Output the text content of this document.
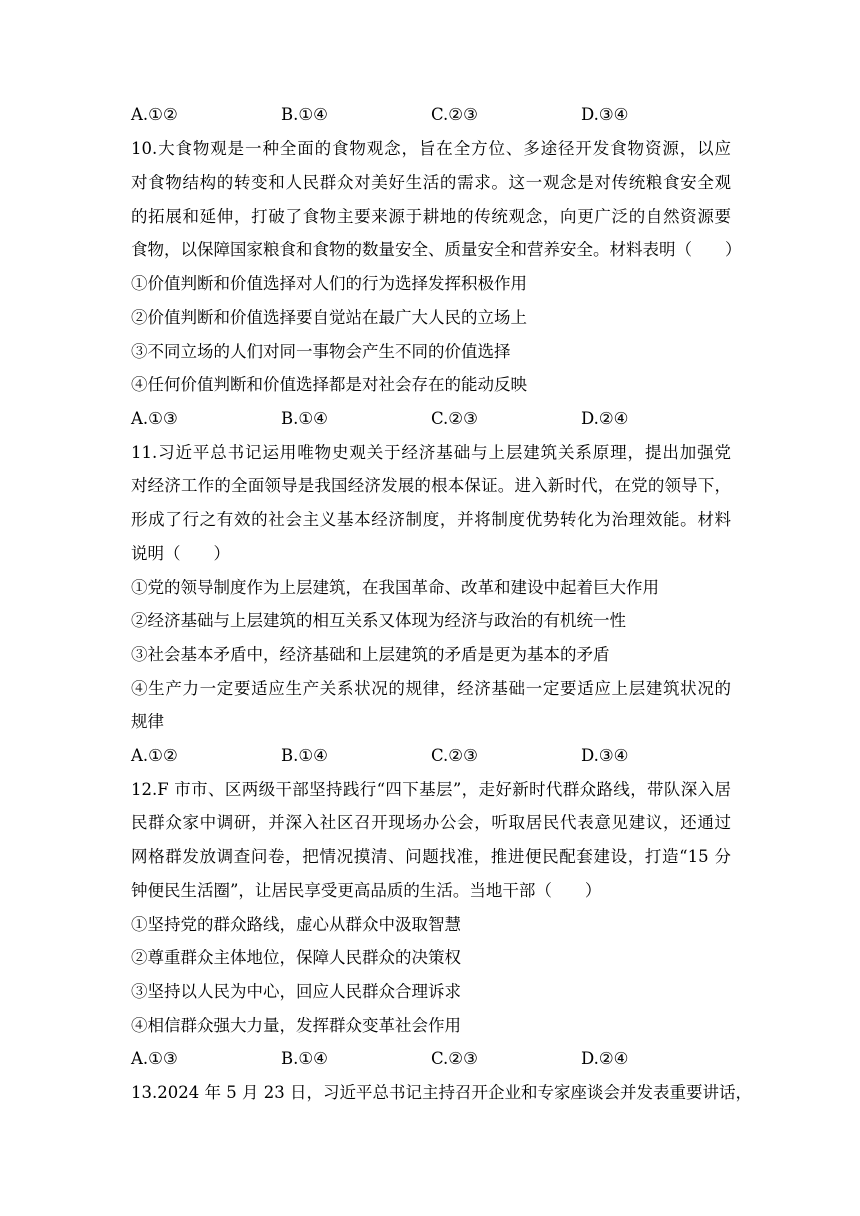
A.①②	B.①④	C.②③	D.③④
10.大食物观是一种全面的食物观念，旨在全方位、多途径开发食物资源，以应
对食物结构的转变和人民群众对美好生活的需求。这一观念是对传统粮食安全观
的拓展和延伸，打破了食物主要来源于耕地的传统观念，向更广泛的自然资源要
食物，以保障国家粮食和食物的数量安全、质量安全和营养安全。材料表明（　　）
①价值判断和价值选择对人们的行为选择发挥积极作用
②价值判断和价值选择要自觉站在最广大人民的立场上
③不同立场的人们对同一事物会产生不同的价值选择
④任何价值判断和价值选择都是对社会存在的能动反映
A.①③	B.①④	C.②③	D.②④
11.习近平总书记运用唯物史观关于经济基础与上层建筑关系原理，提出加强党
对经济工作的全面领导是我国经济发展的根本保证。进入新时代，在党的领导下，
形成了行之有效的社会主义基本经济制度，并将制度优势转化为治理效能。材料
说明（　　）
①党的领导制度作为上层建筑，在我国革命、改革和建设中起着巨大作用
②经济基础与上层建筑的相互关系又体现为经济与政治的有机统一性
③社会基本矛盾中，经济基础和上层建筑的矛盾是更为基本的矛盾
④生产力一定要适应生产关系状况的规律，经济基础一定要适应上层建筑状况的
规律
A.①②	B.①④	C.②③	D.③④
12.F 市市、区两级干部坚持践行“四下基层”，走好新时代群众路线，带队深入居
民群众家中调研，并深入社区召开现场办公会，听取居民代表意见建议，还通过
网格群发放调查问卷，把情况摸清、问题找准，推进便民配套建设，打造“15 分
钟便民生活圈”，让居民享受更高品质的生活。当地干部（　　）
①坚持党的群众路线，虚心从群众中汲取智慧
②尊重群众主体地位，保障人民群众的决策权
③坚持以人民为中心，回应人民群众合理诉求
④相信群众强大力量，发挥群众变革社会作用
A.①③	B.①④	C.②③	D.②④
13.2024 年 5 月 23 日，习近平总书记主持召开企业和专家座谈会并发表重要讲话，
